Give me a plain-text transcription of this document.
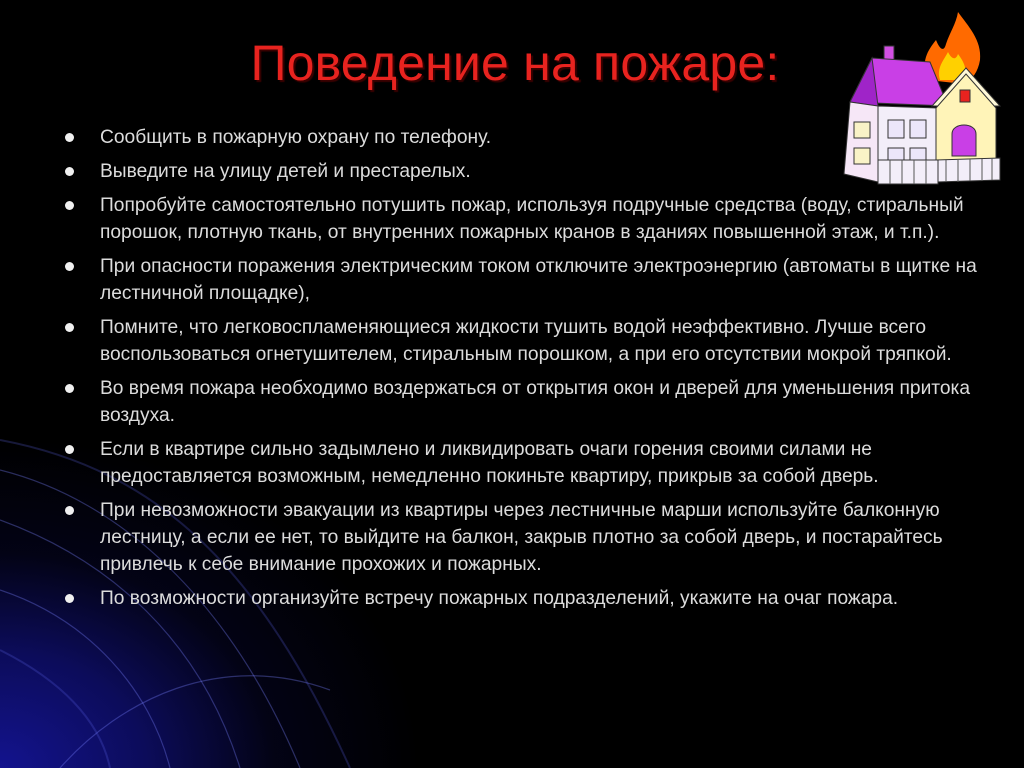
Поведение на пожаре:
Сообщить в пожарную охрану по телефону.
Выведите на улицу детей и престарелых.
Попробуйте самостоятельно потушить пожар, используя подручные средства (воду, стиральный порошок, плотную ткань, от внутренних пожарных кранов в зданиях повышенной этаж, и т.п.).
При опасности поражения электрическим током отключите электроэнергию (автоматы в щитке на лестничной площадке),
Помните, что легковоспламеняющиеся жидкости тушить водой неэффективно. Лучше всего воспользоваться огнетушителем, стиральным порошком, а при его отсутствии мокрой тряпкой.
Во время пожара необходимо воздержаться от открытия окон и дверей для уменьшения притока воздуха.
Если в квартире сильно задымлено и ликвидировать очаги горения своими силами не предоставляется возможным, немедленно покиньте квартиру, прикрыв за собой дверь.
При невозможности эвакуации из квартиры через лестничные марши используйте балконную лестницу, а если ее нет, то выйдите на балкон, закрыв плотно за собой дверь, и постарайтесь привлечь к себе внимание прохожих и пожарных.
По возможности организуйте встречу пожарных подразделений, укажите на очаг пожара.
